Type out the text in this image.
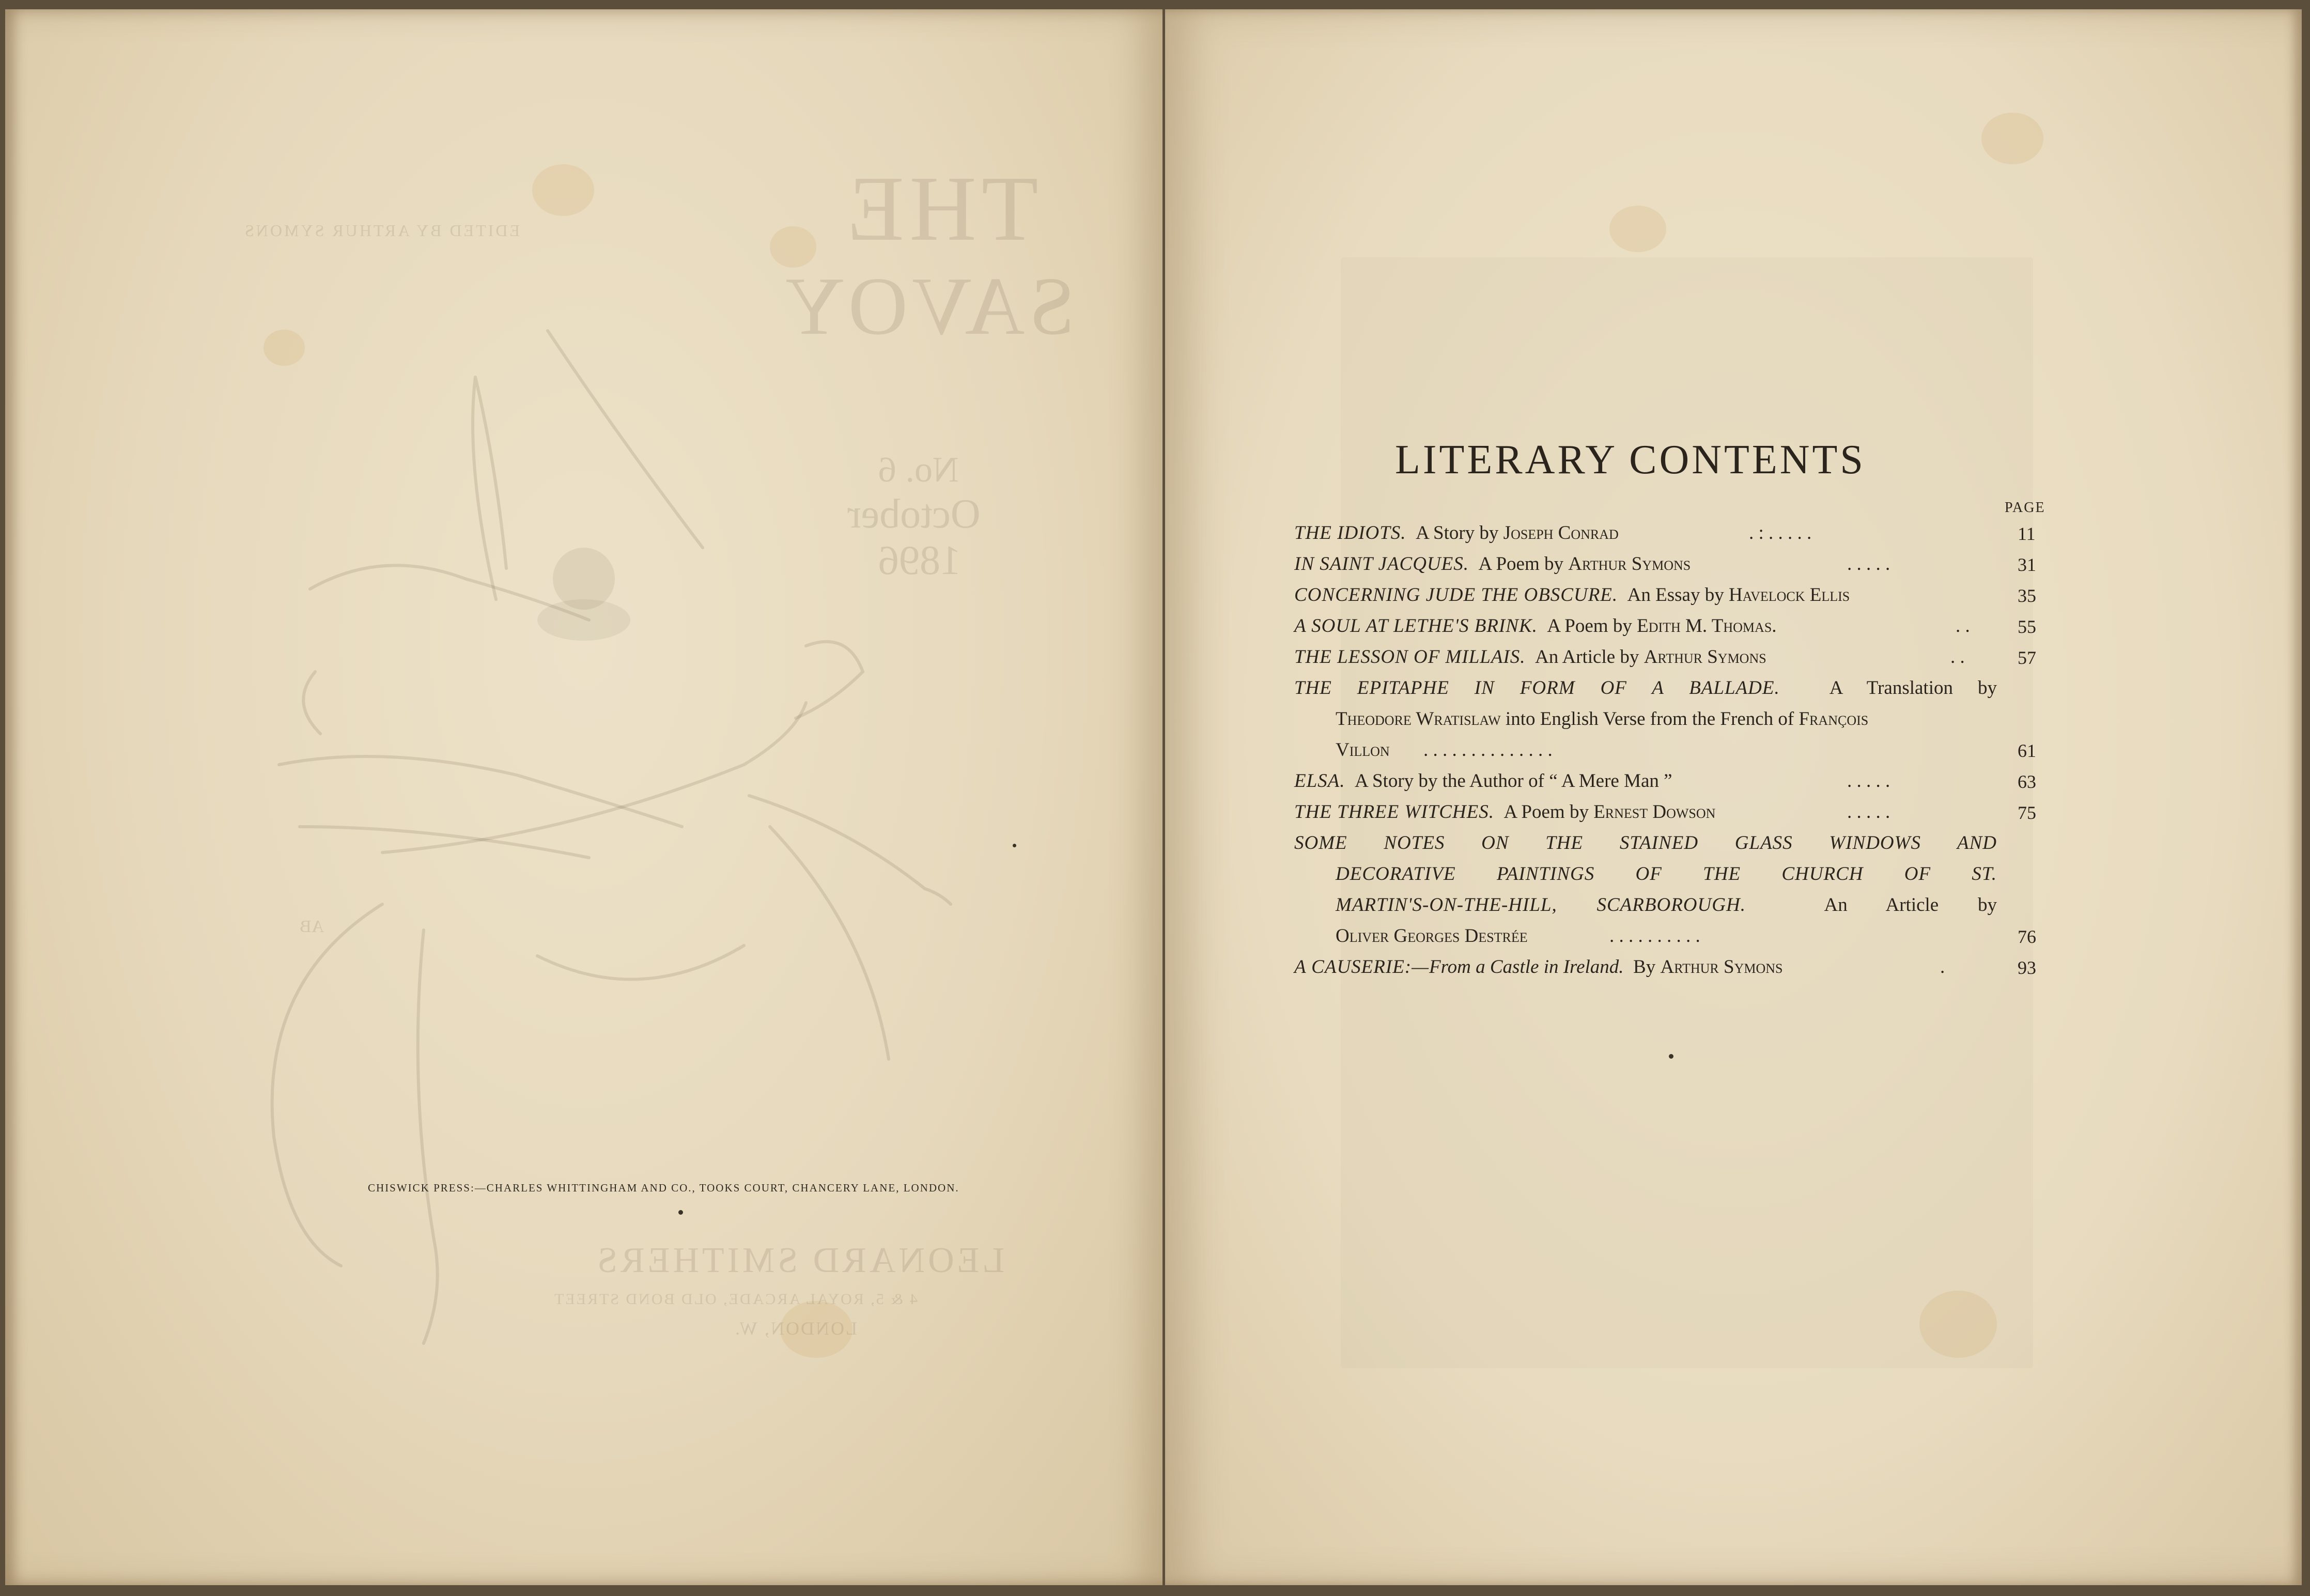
THE
SAVOY
EDITED BY ARTHUR SYMONS
No. 6
October
1896
LEONARD SMITHERS
4 & 5, ROYAL ARCADE, OLD BOND STREET
LONDON, W.
AB
CHISWICK PRESS:—CHARLES WHITTINGHAM AND CO., TOOKS COURT, CHANCERY LANE, LONDON.
LITERARY CONTENTS
PAGE
THE IDIOTS. A Story by Joseph Conrad	. : . . . . .	11
IN SAINT JACQUES. A Poem by Arthur Symons	. . . . .	31
CONCERNING JUDE THE OBSCURE. An Essay by Havelock Ellis	35
A SOUL AT LETHE'S BRINK. A Poem by Edith M. Thomas.	. .	55
THE LESSON OF MILLAIS. An Article by Arthur Symons	. .	57
THE EPITAPHE IN FORM OF A BALLADE.	A Translation by
Theodore Wratislaw into English Verse from the French of François
Villon . . . . . . . . . . . . . .	61
ELSA. A Story by the Author of “ A Mere Man ”	. . . . .	63
THE THREE WITCHES. A Poem by Ernest Dowson	. . . . .	75
SOME NOTES ON THE STAINED GLASS WINDOWS AND
DECORATIVE PAINTINGS OF THE CHURCH OF ST.
MARTIN'S-ON-THE-HILL, SCARBOROUGH.	An Article by
Oliver Georges Destrée	. . . . . . . . . .	76
A CAUSERIE:—From a Castle in Ireland. By Arthur Symons	.	93
